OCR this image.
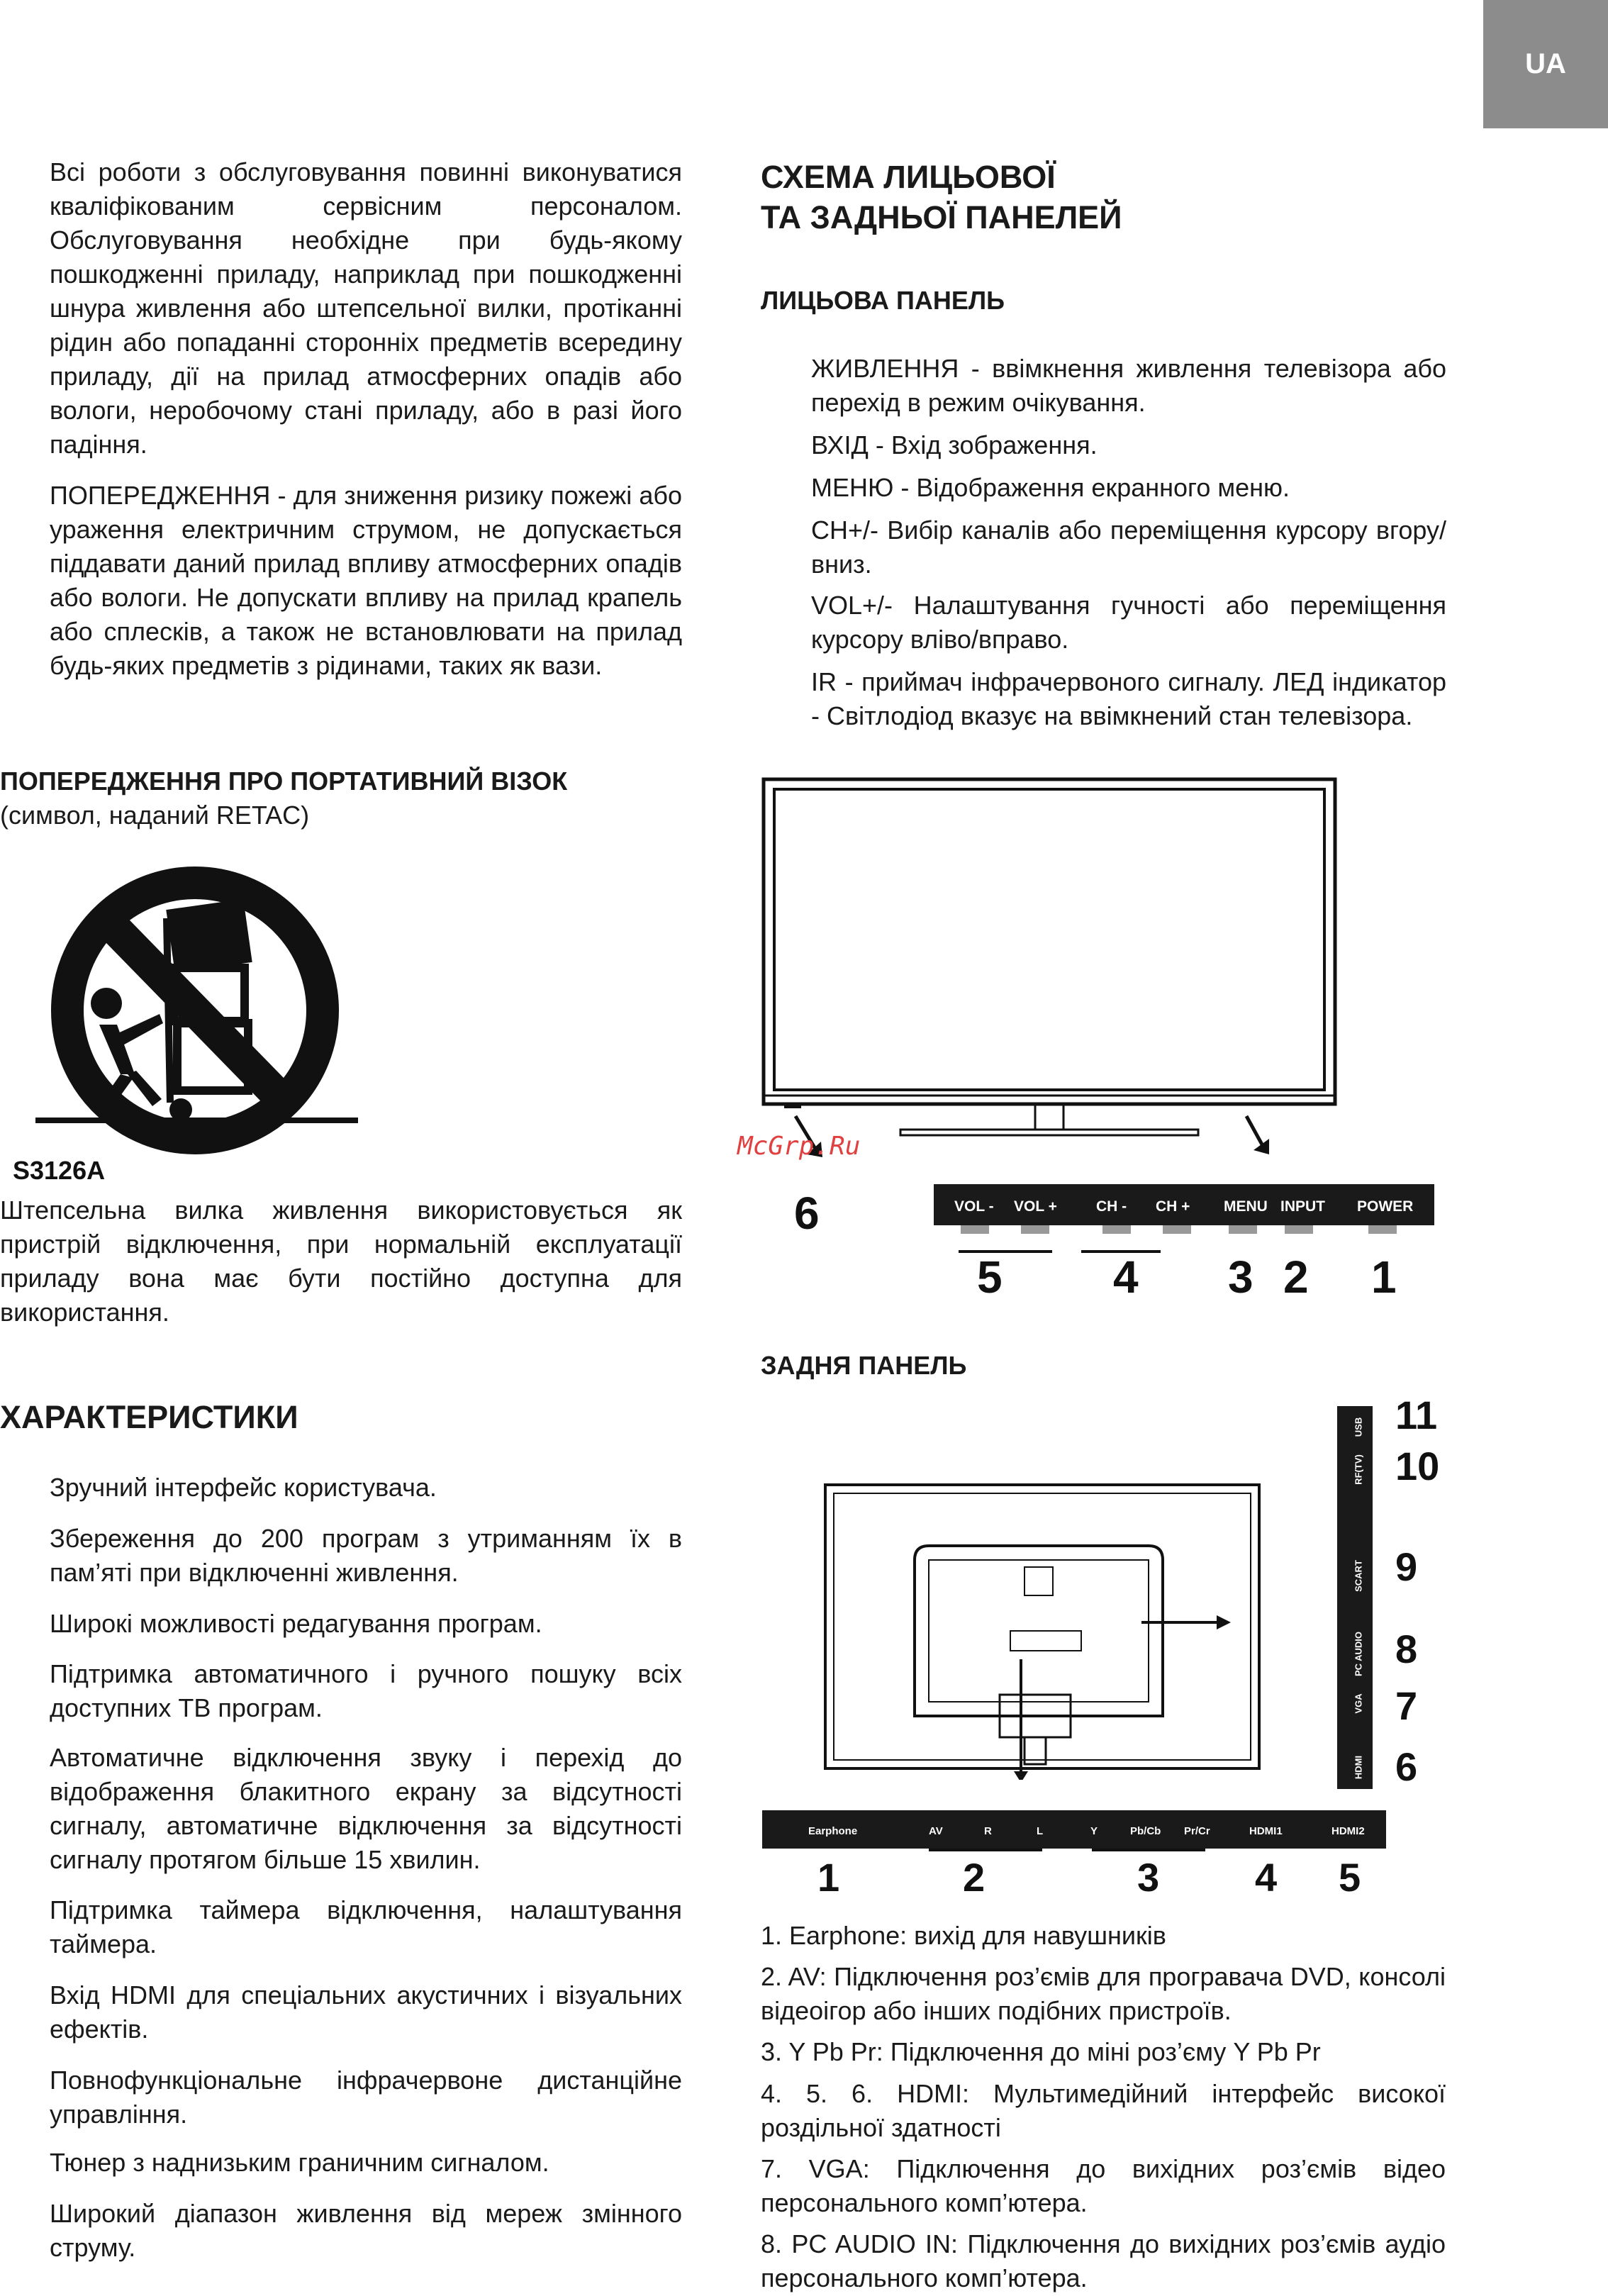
UA

Всі роботи з обслуговування повинні виконуватися кваліфікованим сервісним персоналом. Обслуговування необхідне при будь-якому пошкодженні приладу, наприклад при пошкодженні шнура живлення або штепсельної вилки, протіканні рідин або попаданні сторонніх предметів всередину приладу, дії на прилад атмосферних опадів або вологи, неробочому стані приладу, або в разі його падіння.

ПОПЕРЕДЖЕННЯ - для зниження ризику пожежі або ураження електричним струмом, не допускається піддавати даний прилад впливу атмосферних опадів або вологи. Не допускати впливу на прилад крапель або сплесків, а також не встановлювати на прилад будь-яких предметів з рідинами, таких як вази.

ПОПЕРЕДЖЕННЯ ПРО ПОРТАТИВНИЙ ВІЗОК

(символ, наданий RETAC)

S3126A

Штепсельна вилка живлення використовується як пристрій відключення, при нормальній експлуатації приладу вона має бути постійно доступна для використання.

ХАРАКТЕРИСТИКИ

Зручний інтерфейс користувача.

Збереження до 200 програм з утриманням їх в пам’яті при відключенні живлення.

Широкі можливості редагування програм.

Підтримка автоматичного і ручного пошуку всіх доступних ТВ програм.

Автоматичне відключення звуку і перехід до відображення блакитного екрану за відсутності сигналу, автоматичне відключення за відсутності сигналу протягом більше 15 хвилин.

Підтримка таймера відключення, налаштування таймера.

Вхід HDMI для спеціальних акустичних і візуальних ефектів.

Повнофункціональне інфрачервоне дистанційне управління.

Тюнер з наднизьким граничним сигналом.

Широкий діапазон живлення від мереж змінного струму.

СХЕМА ЛИЦЬОВОЇ

ТА ЗАДНЬОЇ ПАНЕЛЕЙ

ЛИЦЬОВА ПАНЕЛЬ

ЖИВЛЕННЯ - ввімкнення живлення телевізора або перехід в режим очікування.

ВХІД - Вхід зображення.

МЕНЮ - Відображення екранного меню.

CH+/- Вибір каналів або переміщення курсору вгору/вниз.

VOL+/- Налаштування гучності або переміщення курсору вліво/вправо.

IR - приймач інфрачервоного сигналу. ЛЕД індикатор - Світлодіод вказує на ввімкнений стан телевізора.

McGrp.Ru
VOL - VOL +	CH - CH + MENU INPUT POWER
6
5 4 3 2 1

ЗАДНЯ ПАНЕЛЬ

USB
RF(TV)
SCART
PC AUDIO
VGA
HDMI
11
10
9
8
7
6
Earphone	AV	R	L	Y	Pb/Cb Pr/Cr	HDMI1	HDMI2
1	2	3 4 5

1. Earphone: вихід для навушників

2. AV: Підключення роз’ємів для програвача DVD, консолі відеоігор або інших подібних пристроїв.

3. Y Pb Pr: Підключення до міні роз’єму Y Pb Pr

4. 5. 6. HDMI: Мультимедійний інтерфейс високої роздільної здатності

7. VGA: Підключення до вихідних роз’ємів відео персонального комп’ютера.

8. PC AUDIO IN: Підключення до вихідних роз’ємів аудіо персонального комп’ютера.
